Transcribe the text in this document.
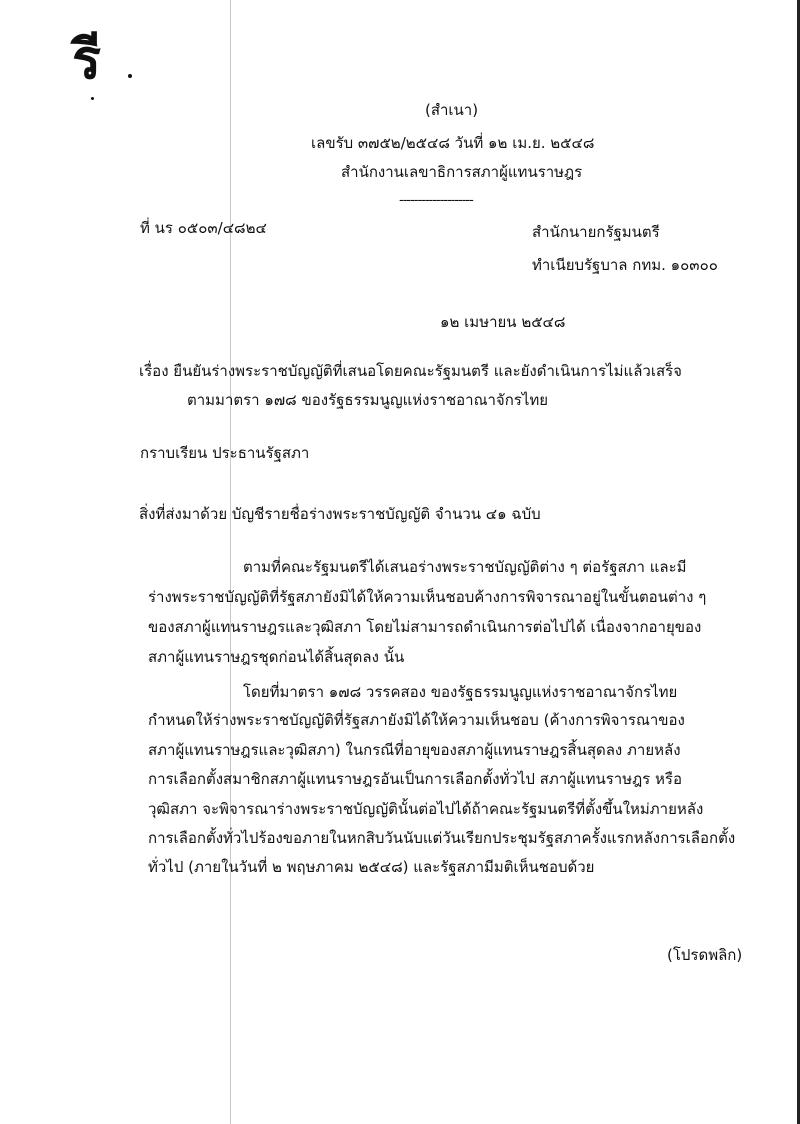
รี
(สำเนา)
เลขรับ ๓๗๕๒/๒๕๔๘ วันที่ ๑๒ เม.ย. ๒๕๔๘
สำนักงานเลขาธิการสภาผู้แทนราษฎร
--------------------
ที่ นร ๐๕๐๓/๔๘๒๔	สำนักนายกรัฐมนตรี
ทำเนียบรัฐบาล กทม. ๑๐๓๐๐
๑๒ เมษายน ๒๕๔๘
เรื่อง ยืนยันร่างพระราชบัญญัติที่เสนอโดยคณะรัฐมนตรี และยังดำเนินการไม่แล้วเสร็จ
ตามมาตรา ๑๗๘ ของรัฐธรรมนูญแห่งราชอาณาจักรไทย
กราบเรียน ประธานรัฐสภา
สิ่งที่ส่งมาด้วย บัญชีรายชื่อร่างพระราชบัญญัติ จำนวน ๔๑ ฉบับ
ตามที่คณะรัฐมนตรีได้เสนอร่างพระราชบัญญัติต่าง ๆ ต่อรัฐสภา และมี
ร่างพระราชบัญญัติที่รัฐสภายังมิได้ให้ความเห็นชอบค้างการพิจารณาอยู่ในขั้นตอนต่าง ๆ
ของสภาผู้แทนราษฎรและวุฒิสภา โดยไม่สามารถดำเนินการต่อไปได้ เนื่องจากอายุของ
สภาผู้แทนราษฎรชุดก่อนได้สิ้นสุดลง นั้น
โดยที่มาตรา ๑๗๘ วรรคสอง ของรัฐธรรมนูญแห่งราชอาณาจักรไทย
กำหนดให้ร่างพระราชบัญญัติที่รัฐสภายังมิได้ให้ความเห็นชอบ (ค้างการพิจารณาของ
สภาผู้แทนราษฎรและวุฒิสภา) ในกรณีที่อายุของสภาผู้แทนราษฎรสิ้นสุดลง ภายหลัง
การเลือกตั้งสมาชิกสภาผู้แทนราษฎรอันเป็นการเลือกตั้งทั่วไป สภาผู้แทนราษฎร หรือ
วุฒิสภา จะพิจารณาร่างพระราชบัญญัตินั้นต่อไปได้ถ้าคณะรัฐมนตรีที่ตั้งขึ้นใหม่ภายหลัง
การเลือกตั้งทั่วไปร้องขอภายในหกสิบวันนับแต่วันเรียกประชุมรัฐสภาครั้งแรกหลังการเลือกตั้ง
ทั่วไป (ภายในวันที่ ๒ พฤษภาคม ๒๕๔๘) และรัฐสภามีมติเห็นชอบด้วย
(โปรดพลิก)
